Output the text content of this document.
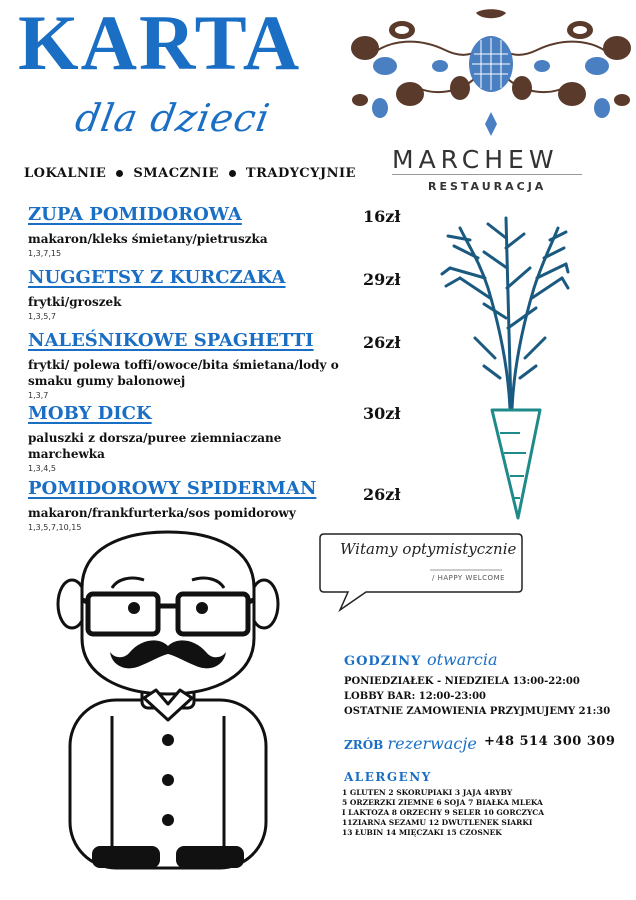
KARTA
dla dzieci
LOKALNIE SMACZNIE TRADYCYJNIE MARCHEW
RESTAURACJA
ZUPA POMIDOROWA
makaron/kleks śmietany/pietruszka
1,3,7,15
16zł
NUGGETSY Z KURCZAKA
frytki/groszek
1,3,5,7
29zł
NALEŚNIKOWE SPAGHETTI
frytki/ polewa toffi/owoce/bita śmietana/lody o smaku gumy balonowej
1,3,7
26zł
MOBY DICK
paluszki z dorsza/puree ziemniaczane marchewka
1,3,4,5
30zł
POMIDOROWY SPIDERMAN
makaron/frankfurterka/sos pomidorowy
1,3,5,7,10,15
26zł
Witamy optymistycznie
/ HAPPY WELCOME
GODZINY otwarcia
PONIEDZIAŁEK - NIEDZIELA 13:00-22:00
LOBBY BAR: 12:00-23:00
OSTATNIE ZAMOWIENIA PRZYJMUJEMY 21:30
ZRÓB rezerwacje +48 514 300 309
ALERGENY
1 GLUTEN 2 SKORUPIAKI 3 JAJA 4RYBY
5 ORZERZKI ZIEMNE 6 SOJA 7 BIAŁKA MLEKA
I LAKTOZA 8 ORZECHY 9 SELER 10 GORCZYCA
11ZIARNA SEZAMU 12 DWUTLENEK SIARKI
13 ŁUBIN 14 MIĘCZAKI 15 CZOSNEK
